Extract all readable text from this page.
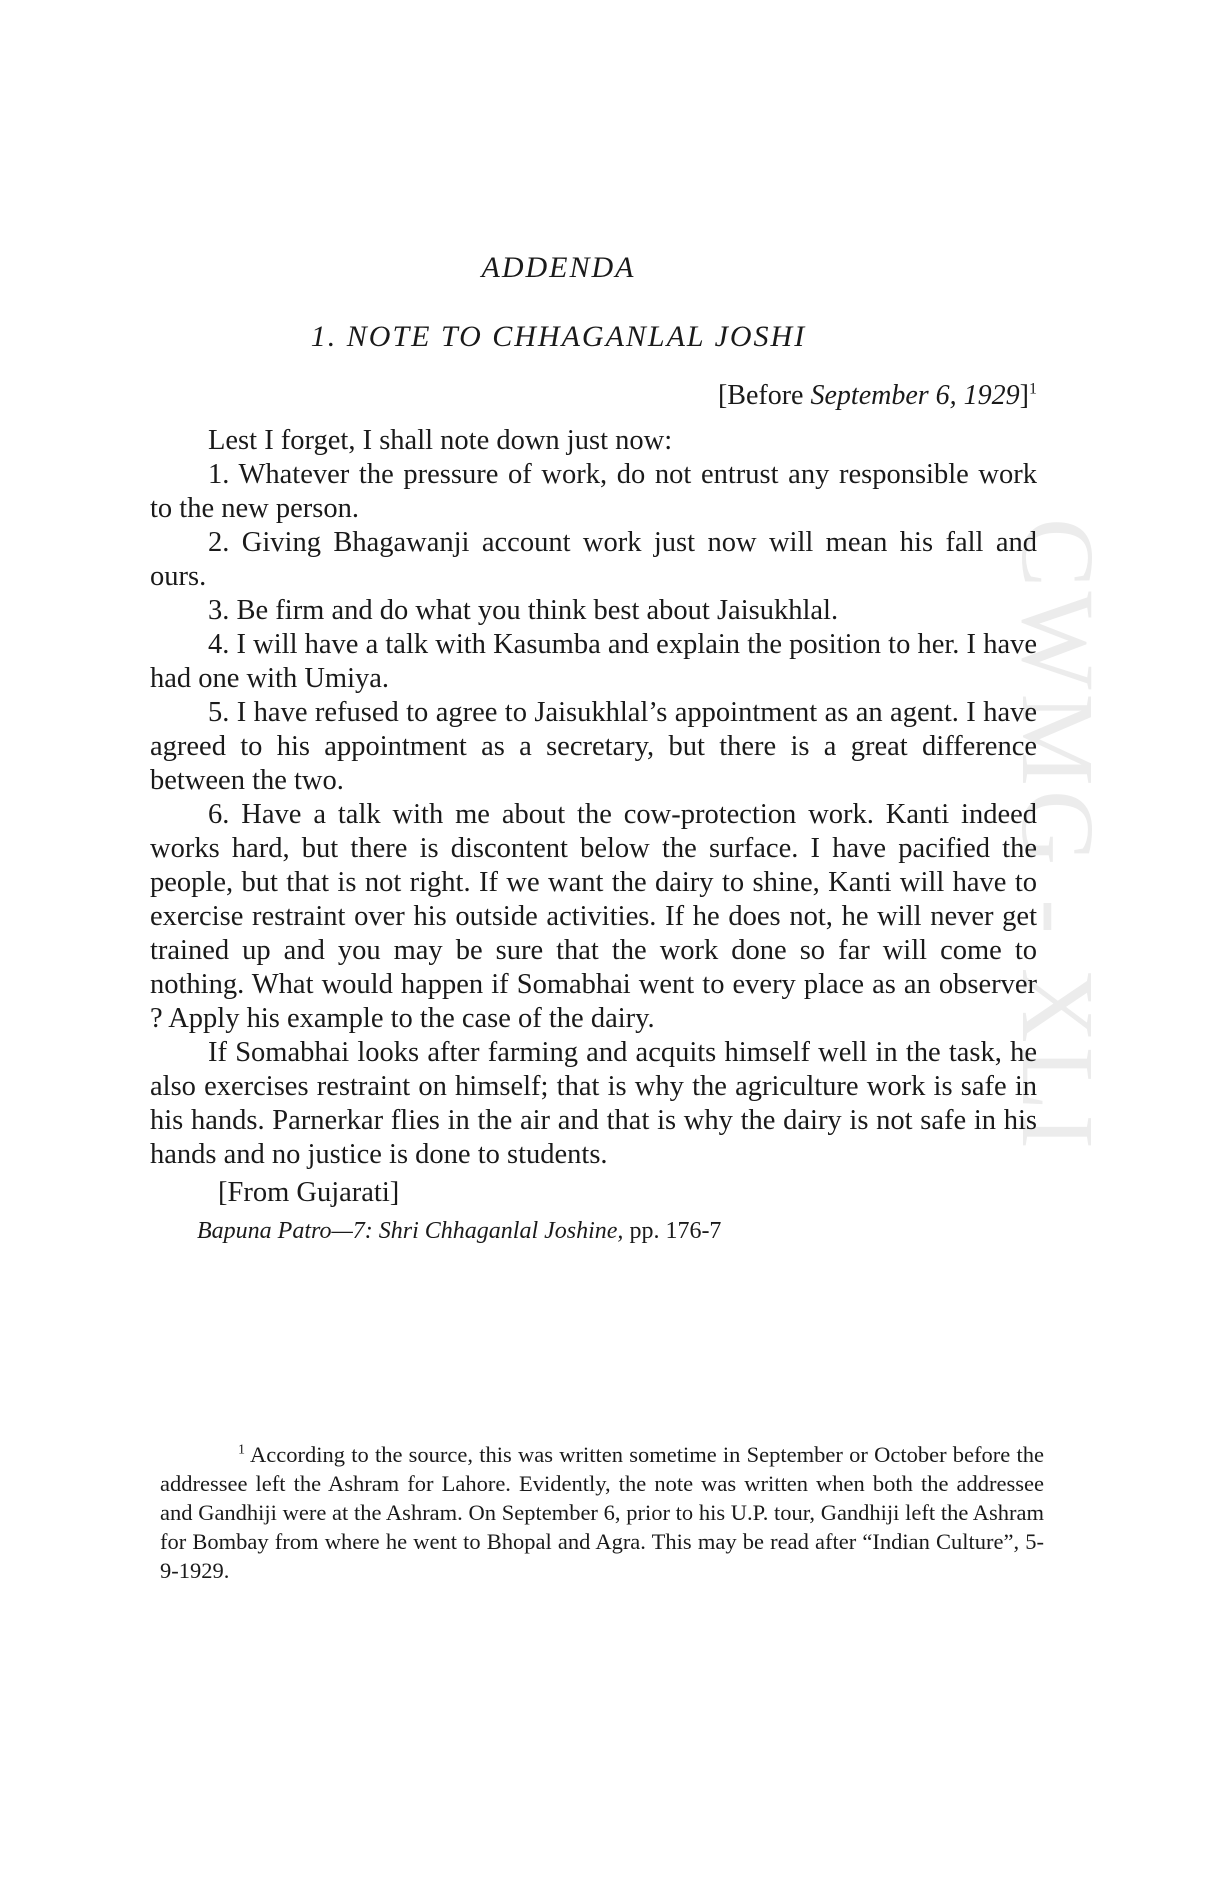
CWMG - XLI
ADDENDA
1. NOTE TO CHHAGANLAL JOSHI
[Before September 6, 1929]$^1$

Lest I forget, I shall note down just now:

1. Whatever the pressure of work, do not entrust any responsible work to the new person.

2. Giving Bhagawanji account work just now will mean his fall and ours.

3. Be firm and do what you think best about Jaisukhlal.

4. I will have a talk with Kasumba and explain the position to her. I have had one with Umiya.

5. I have refused to agree to Jaisukhlal’s appointment as an agent. I have agreed to his appointment as a secretary, but there is a great difference between the two.

6. Have a talk with me about the cow-protection work. Kanti indeed works hard, but there is discontent below the surface. I have pacified the people, but that is not right. If we want the dairy to shine, Kanti will have to exercise restraint over his outside activities. If he does not, he will never get trained up and you may be sure that the work done so far will come to nothing. What would happen if Somabhai went to every place as an observer ? Apply his example to the case of the dairy.

If Somabhai looks after farming and acquits himself well in the task, he also exercises restraint on himself; that is why the agriculture work is safe in his hands. Parnerkar flies in the air and that is why the dairy is not safe in his hands and no justice is done to students.

[From Gujarati]
Bapuna Patro—7: Shri Chhaganlal Joshine, pp. 176-7
$^1$ According to the source, this was written sometime in September or October before the addressee left the Ashram for Lahore. Evidently, the note was written when both the addressee and Gandhiji were at the Ashram. On September 6, prior to his U.P. tour, Gandhiji left the Ashram for Bombay from where he went to Bhopal and Agra. This may be read after “Indian Culture”, 5-9-1929.
